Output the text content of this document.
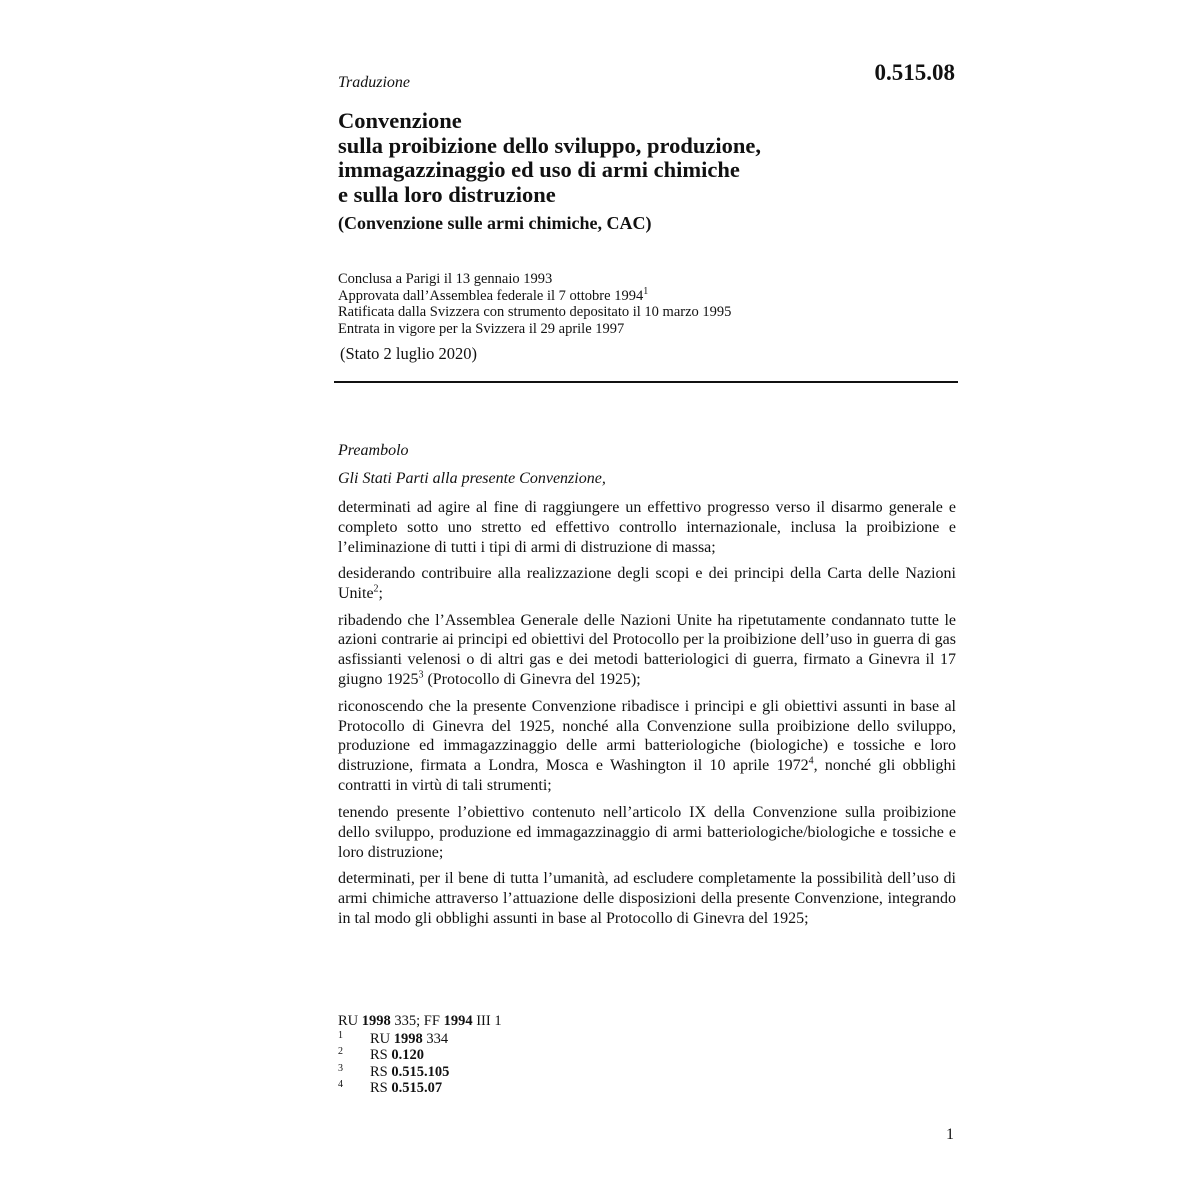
Traduzione	0.515.08
Convenzione
sulla proibizione dello sviluppo, produzione,
immagazzinaggio ed uso di armi chimiche
e sulla loro distruzione
(Convenzione sulle armi chimiche, CAC)
Conclusa a Parigi il 13 gennaio 1993
Approvata dall’Assemblea federale il 7 ottobre 1994$^1$
Ratificata dalla Svizzera con strumento depositato il 10 marzo 1995
Entrata in vigore per la Svizzera il 29 aprile 1997
(Stato 2 luglio 2020)
Preambolo
Gli Stati Parti alla presente Convenzione,

determinati ad agire al fine di raggiungere un effettivo progresso verso il disarmo generale e completo sotto uno stretto ed effettivo controllo internazionale, inclusa la proibizione e l’eliminazione di tutti i tipi di armi di distruzione di massa;

desiderando contribuire alla realizzazione degli scopi e dei principi della Carta delle Nazioni Unite$^2$;

ribadendo che l’Assemblea Generale delle Nazioni Unite ha ripetutamente condannato tutte le azioni contrarie ai principi ed obiettivi del Protocollo per la proibizione dell’uso in guerra di gas asfissianti velenosi o di altri gas e dei metodi batteriologici di guerra, firmato a Ginevra il 17 giugno 1925$^3$ (Protocollo di Ginevra del 1925);

riconoscendo che la presente Convenzione ribadisce i principi e gli obiettivi assunti in base al Protocollo di Ginevra del 1925, nonché alla Convenzione sulla proibizione dello sviluppo, produzione ed immagazzinaggio delle armi batteriologiche (biologiche) e tossiche e loro distruzione, firmata a Londra, Mosca e Washington il 10 aprile 1972$^4$, nonché gli obblighi contratti in virtù di tali strumenti;

tenendo presente l’obiettivo contenuto nell’articolo IX della Convenzione sulla proibizione dello sviluppo, produzione ed immagazzinaggio di armi batteriologiche/biologiche e tossiche e loro distruzione;

determinati, per il bene di tutta l’umanità, ad escludere completamente la possibilità dell’uso di armi chimiche attraverso l’attuazione delle disposizioni della presente Convenzione, integrando in tal modo gli obblighi assunti in base al Protocollo di Ginevra del 1925;

RU 1998 335; FF 1994 III 1
1 RU 1998 334
2 RS 0.120
3 RS 0.515.105
4 RS 0.515.07
1
